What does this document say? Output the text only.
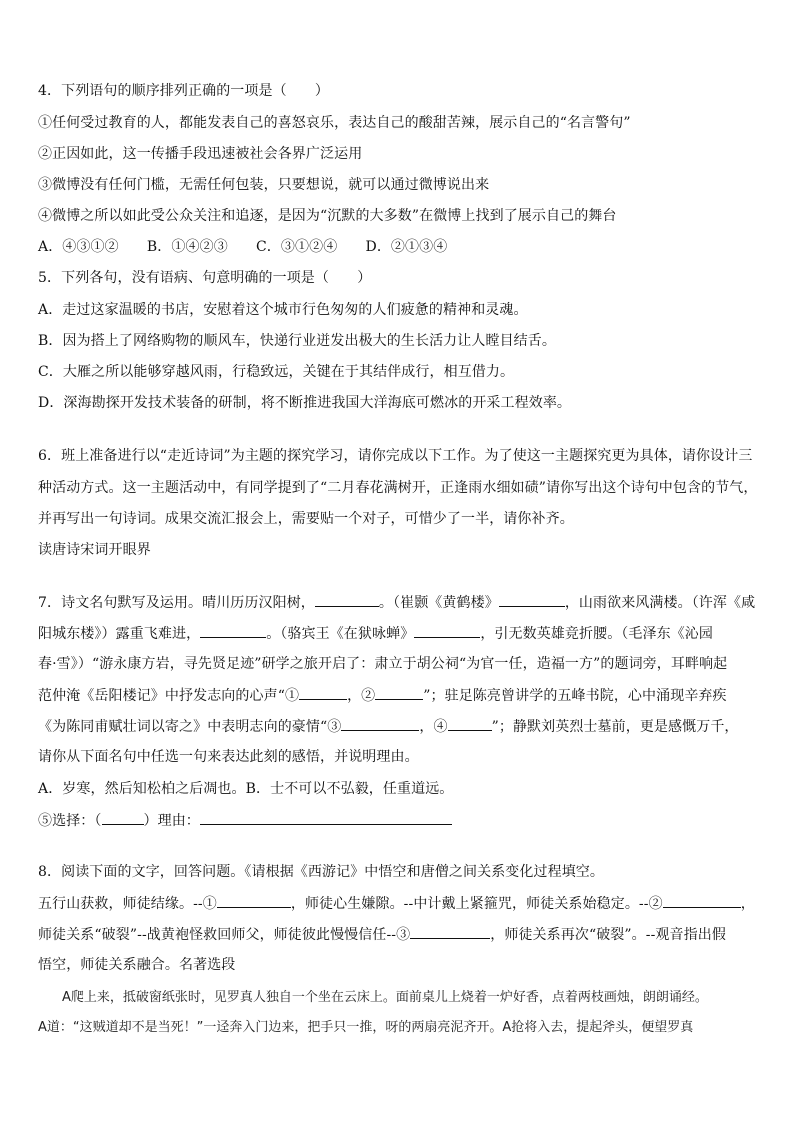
4．下列语句的顺序排列正确的一项是（　　）
①任何受过教育的人，都能发表自己的喜怒哀乐，表达自己的酸甜苦辣，展示自己的“名言警句”
②正因如此，这一传播手段迅速被社会各界广泛运用
③微博没有任何门槛，无需任何包装，只要想说，就可以通过微博说出来
④微博之所以如此受公众关注和追逐，是因为“沉默的大多数”在微博上找到了展示自己的舞台
A．④③①②　　B．①④②③　　C．③①②④　　D．②①③④
5．下列各句，没有语病、句意明确的一项是（　　）
A．走过这家温暖的书店，安慰着这个城市行色匆匆的人们疲惫的精神和灵魂。
B．因为搭上了网络购物的顺风车，快递行业迸发出极大的生长活力让人瞠目结舌。
C．大雁之所以能够穿越风雨，行稳致远，关键在于其结伴成行，相互借力。
D．深海勘探开发技术装备的研制，将不断推进我国大洋海底可燃冰的开采工程效率。
6．班上准备进行以“走近诗词”为主题的探究学习，请你完成以下工作。为了使这一主题探究更为具体，请你设计三
种活动方式。这一主题活动中，有同学提到了“二月春花满树开，正逢雨水细如碛”请你写出这个诗句中包含的节气，
并再写出一句诗词。成果交流汇报会上，需要贴一个对子，可惜少了一半，请你补齐。
读唐诗宋词开眼界
7．诗文名句默写及运用。晴川历历汉阳树，	。（崔颢《黄鹤楼》	，山雨欲来风满楼。（许浑《咸
阳城东楼》）露重飞难进，	。（骆宾王《在狱咏蝉》	，引无数英雄竞折腰。（毛泽东《沁园
春·雪》）“游永康方岩，寻先贤足迹”研学之旅开启了：肃立于胡公祠“为官一任，造福一方”的题词旁，耳畔响起
范仲淹《岳阳楼记》中抒发志向的心声“①	，②	”；驻足陈亮曾讲学的五峰书院，心中涌现辛弃疾
《为陈同甫赋壮词以寄之》中表明志向的豪情“③	，④	”；静默刘英烈士墓前，更是感慨万千，
请你从下面名句中任选一句来表达此刻的感悟，并说明理由。
A．岁寒，然后知松柏之后凋也。B．士不可以不弘毅，任重道远。
⑤选择：（	）理由：
8．阅读下面的文字，回答问题。《请根据《西游记》中悟空和唐僧之间关系变化过程填空。
五行山获救，师徒结缘。--①	，师徒心生嫌隙。--中计戴上紧箍咒，师徒关系始稳定。--②	，
师徒关系“破裂”--战黄袍怪救回师父，师徒彼此慢慢信任--③	，师徒关系再次“破裂”。--观音指出假
悟空，师徒关系融合。名著选段
A爬上来，抵破窗纸张时，见罗真人独自一个坐在云床上。面前桌儿上烧着一炉好香，点着两枝画烛，朗朗诵经。
A道：“这贼道却不是当死！”一迳奔入门边来，把手只一推，呀的两扇亮泥齐开。A抢将入去，提起斧头，便望罗真
